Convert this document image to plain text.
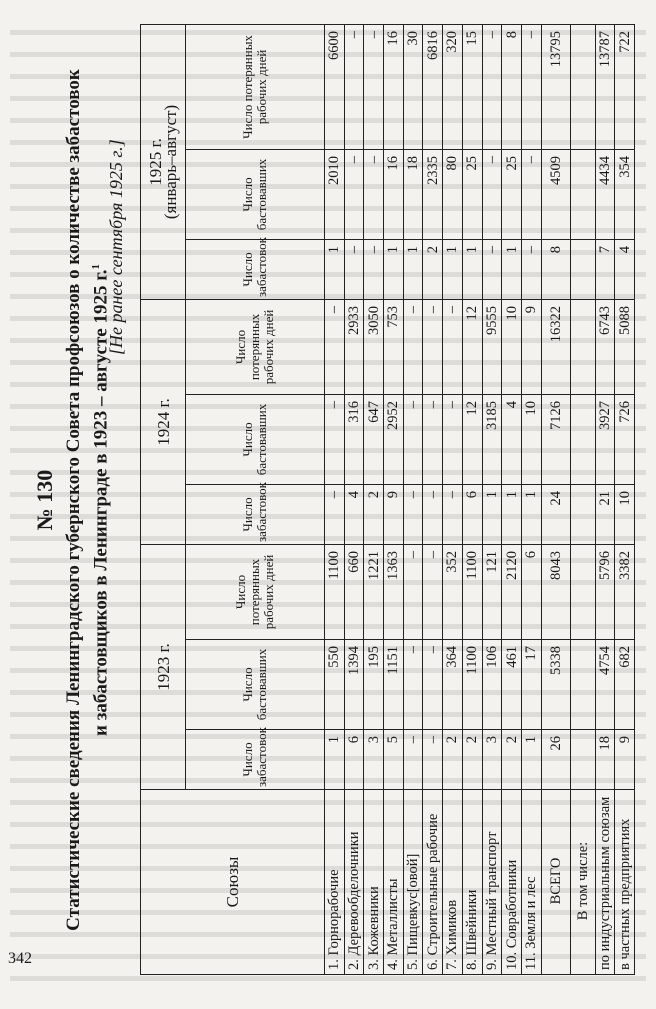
№ 130 Статистические сведения Ленинградского губернского Совета профсоюзов о количестве забастовок и забастовщиков в Ленинграде в 1923 – августе 1925 г.$^1$ [Не ранее сентября 1925 г.]
Союзы	1923 г.			1924 г.			1925 г.
(январь–август)		

	Число забастовок	Число бастовавших	Число потерянных рабочих дней	Число забастовок	Число бастовавших	Число потерянных рабочих дней	Число забастовок	Число бастовавших	Число потерянных рабочих дней
1. Горнорабочие	1	550	1100	–	–	–	1	2010	6600
2. Деревообделочники	6	1394	660	4	316	2933	–	–	–
3. Кожевники	3	195	1221	2	647	3050	–	–	–
4. Металлисты	5	1151	1363	9	2952	753	1	16	16
5. Пищевкус[овой]	–	–	–	–	–	–	1	18	30
6. Строительные рабочие	–	–	–	–	–	–	2	2335	6816
7. Химиков	2	364	352	–	–	–	1	80	320
8. Швейники	2	1100	1100	6	12	12	1	25	15
9. Местный транспорт	3	106	121	1	3185	9555	–	–	–
10. Совработники	2	461	2120	1	4	10	1	25	8
11. Земля и лес	1	17	6	1	10	9	–	–	–
ВСЕГО	26	5338	8043	24	7126	16322	8	4509	13795
В том числе:									
по индустриальным союзам	18	4754	5796	21	3927	6743	7	4434	13787
в частных предприятиях	9	682	3382	10	726	5088	4	354	722
342
